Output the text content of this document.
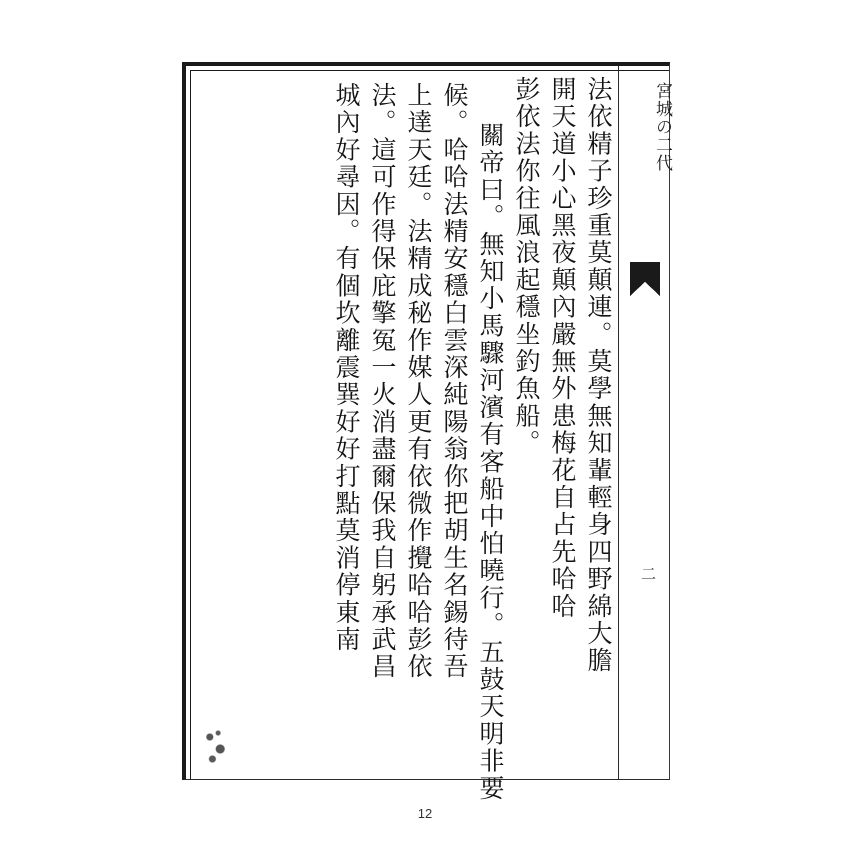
法依精子珍重莫顛連。莫學無知輩輕身四野綿大膽
開天道小心黑夜顛內嚴無外患梅花自占先哈哈
彭依法你往風浪起穩坐釣魚船。
關帝曰。無知小馬驟河濱有客船中怕曉行。五鼓天明非要
候。哈哈法精安穩白雲深純陽翁你把胡生名錫待吾
上達天廷。法精成秘作媒人更有依微作攪哈哈彭依
法。這可作得保庇擎冤一火消盡爾保我自躬承武昌
城內好尋因。有個坎離震巽好好打點莫消停東南	宮城の二代
二
12
